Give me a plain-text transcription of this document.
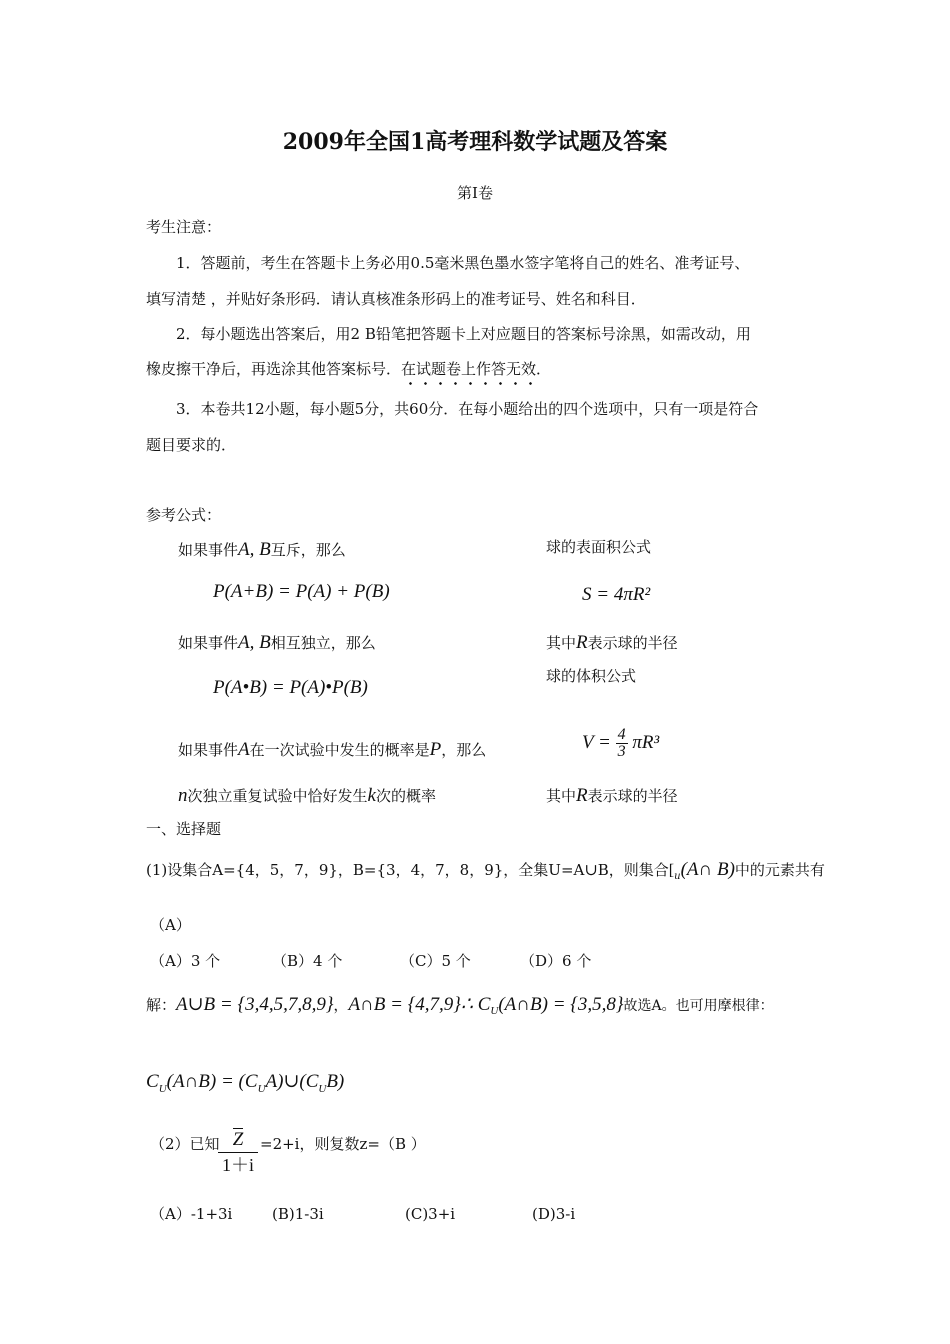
2009年全国1高考理科数学试题及答案
第Ⅰ卷
考生注意：
1．答题前，考生在答题卡上务必用0.5毫米黑色墨水签字笔将自己的姓名、准考证号、
填写清楚 ，并贴好条形码．请认真核准条形码上的准考证号、姓名和科目．
2．每小题选出答案后，用2 B铅笔把答题卡上对应题目的答案标号涂黑，如需改动，用
橡皮擦干净后，再选涂其他答案标号．在试题卷上作答无效．
3．本卷共12小题，每小题5分，共60分．在每小题给出的四个选项中，只有一项是符合
题目要求的．
参考公式：
如果事件A, B互斥，那么
P(A+B) = P(A) + P(B)
如果事件A, B相互独立，那么
P(A•B) = P(A)•P(B)
如果事件A在一次试验中发生的概率是P，那么
n次独立重复试验中恰好发生k次的概率
球的表面积公式
S = 4πR²
其中R表示球的半径
球的体积公式
$V = \frac{4}{3} \pi R^3$
其中R表示球的半径
一、选择题
(1)设集合A={4，5，7，9}，B={3，4，7，8，9}，全集U=A∪B，则集合[$_u(A\cap$ B)中的元素共有
（A）
（A）3 个	（B）4 个	（C）5 个	（D）6 个
解：A∪B = {3,4,5,7,8,9}，A∩B = {4,7,9}∴ $C_U(A\cap B) = \{3,5,8\}$故选A。也可用摩根律：
$C_U(A\cap B)$ = $(C_UA)\cup(C_UB)$
（2）已知 Z
1＋i
=2+i，则复数z=（B ）
（A）-1+3i	(B)1-3i	(C)3+i	(D)3-i
